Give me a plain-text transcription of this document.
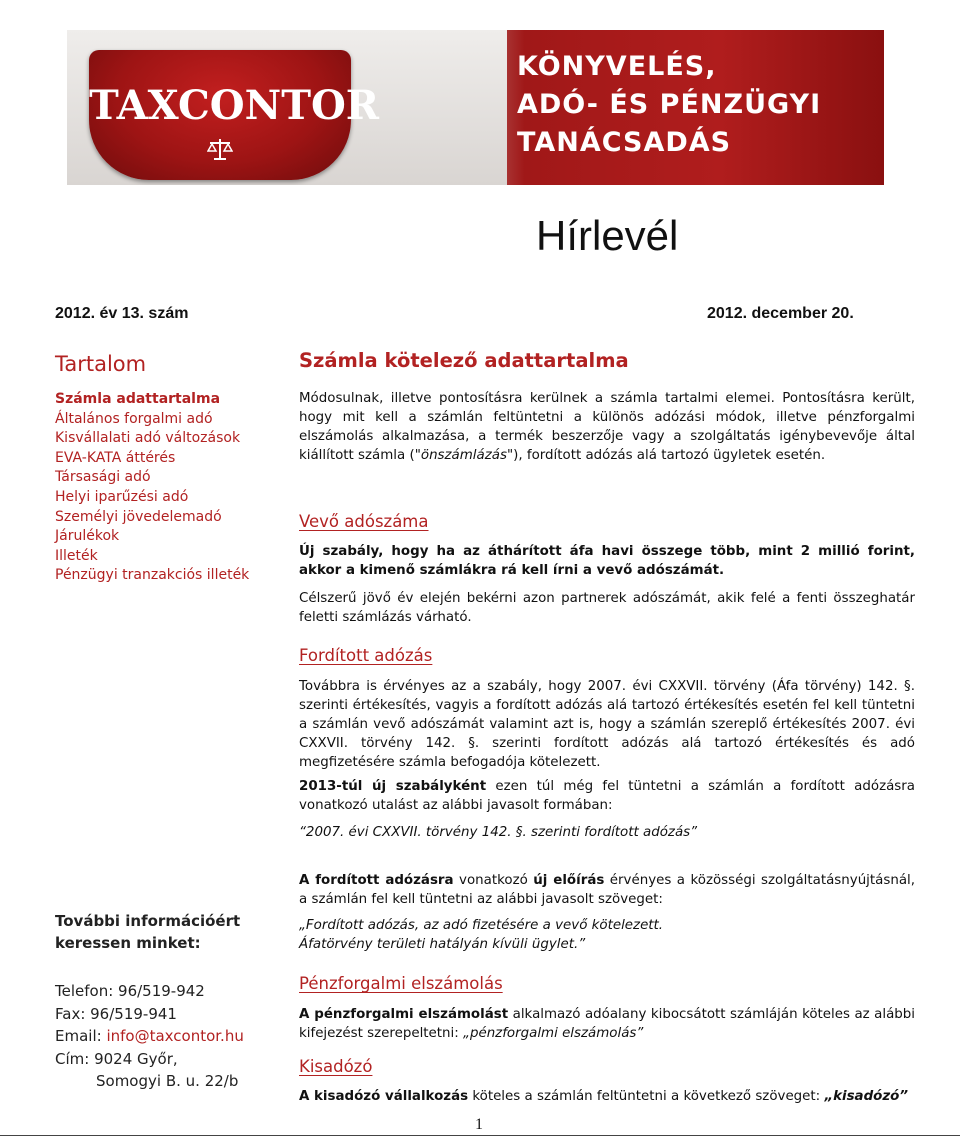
TAXCONTOR
KÖNYVELÉS,
ADÓ- ÉS PÉNZÜGYI
TANÁCSADÁS
Hírlevél
2012. év 13. szám	2012. december 20.
Tartalom
Számla adattartalma
Általános forgalmi adó
Kisvállalati adó változások
EVA-KATA áttérés
Társasági adó
Helyi iparűzési adó
Személyi jövedelemadó
Járulékok
Illeték
Pénzügyi tranzakciós illeték
További információért
keressen minket:
Telefon: 96/519-942
Fax: 96/519-941
Email: info@taxcontor.hu
Cím: 9024 Győr,
Somogyi B. u. 22/b
Számla kötelező adattartalma
Módosulnak, illetve pontosításra kerülnek a számla tartalmi elemei. Pontosításra került, hogy mit kell a számlán feltüntetni a különös adózási módok, illetve pénzforgalmi elszámolás alkalmazása, a termék beszerzője vagy a szolgáltatás igénybevevője által kiállított számla ("önszámlázás"), fordított adózás alá tartozó ügyletek esetén.
Vevő adószáma
Új szabály, hogy ha az áthárított áfa havi összege több, mint 2 millió forint, akkor a kimenő számlákra rá kell írni a vevő adószámát.
Célszerű jövő év elején bekérni azon partnerek adószámát, akik felé a fenti összeghatár feletti számlázás várható.
Fordított adózás
Továbbra is érvényes az a szabály, hogy 2007. évi CXXVII. törvény (Áfa törvény) 142. §. szerinti értékesítés, vagyis a fordított adózás alá tartozó értékesítés esetén fel kell tüntetni a számlán vevő adószámát valamint azt is, hogy a számlán szereplő értékesítés 2007. évi CXXVII. törvény 142. §. szerinti fordított adózás alá tartozó értékesítés és adó megfizetésére számla befogadója kötelezett.
2013-túl új szabályként ezen túl még fel tüntetni a számlán a fordított adózásra vonatkozó utalást az alábbi javasolt formában:
“2007. évi CXXVII. törvény 142. §. szerinti fordított adózás”
A fordított adózásra vonatkozó új előírás érvényes a közösségi szolgáltatásnyújtásnál, a számlán fel kell tüntetni az alábbi javasolt szöveget:
„Fordított adózás, az adó fizetésére a vevő kötelezett.
Áfatörvény területi hatályán kívüli ügylet.”
Pénzforgalmi elszámolás
A pénzforgalmi elszámolást alkalmazó adóalany kibocsátott számláján köteles az alábbi kifejezést szerepeltetni: „pénzforgalmi elszámolás”
Kisadózó
A kisadózó vállalkozás köteles a számlán feltüntetni a következő szöveget: „kisadózó”
1
